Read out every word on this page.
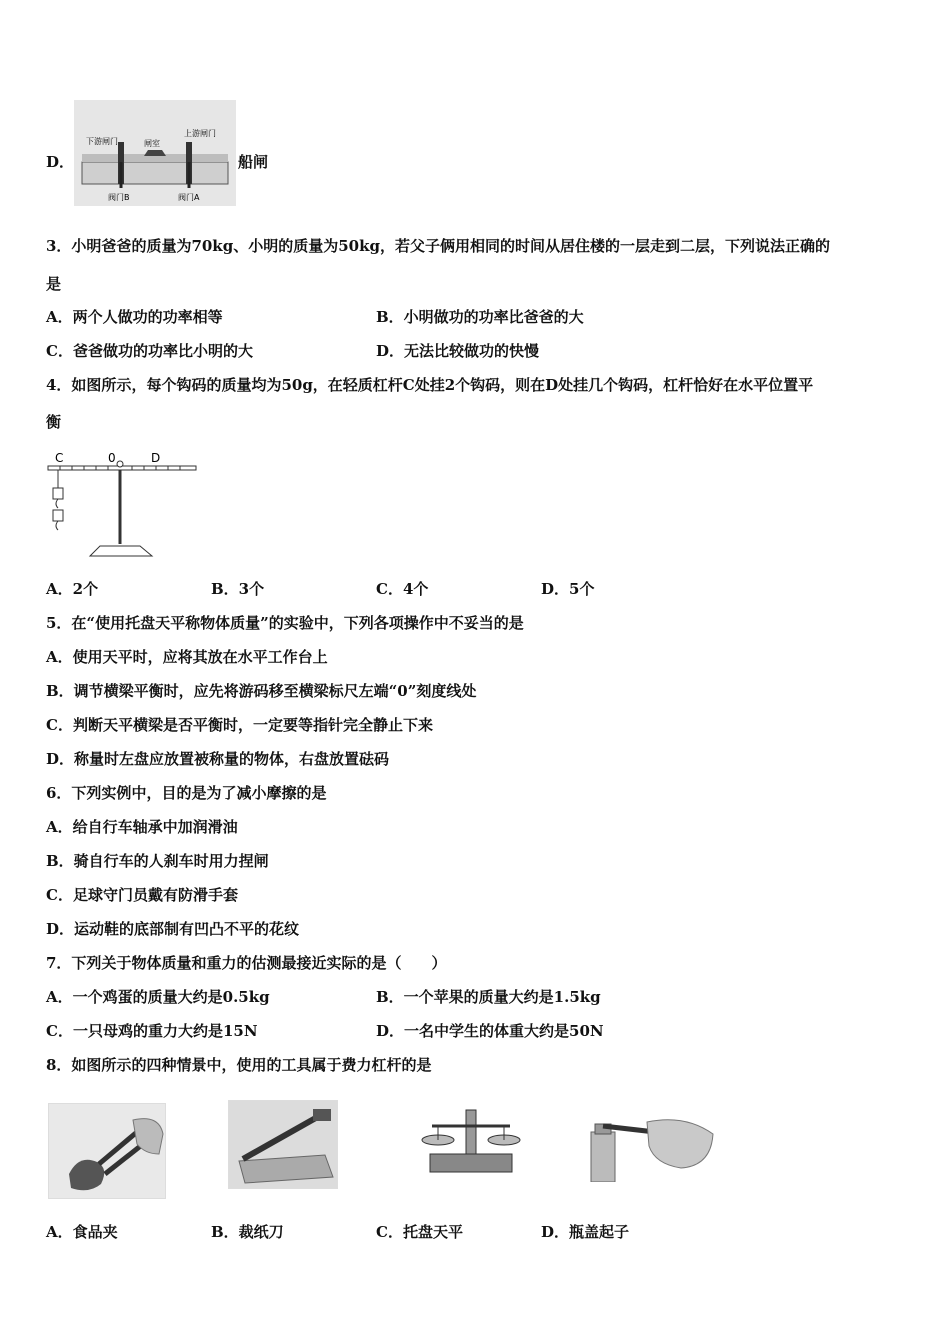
D．
下游闸门	闸室
上游闸门
阀门B	阀门A
船闸
3．小明爸爸的质量为70kg、小明的质量为50kg，若父子俩用相同的时间从居住楼的一层走到二层，下列说法正确的
是
A．两个人做功的功率相等	B．小明做功的功率比爸爸的大
C．爸爸做功的功率比小明的大	D．无法比较做功的快慢
4．如图所示，每个钩码的质量均为50g，在轻质杠杆C处挂2个钩码，则在D处挂几个钩码，杠杆恰好在水平位置平
衡
C	0	D
A．2个	B．3个	C．4个	D．5个
5．在“使用托盘天平称物体质量”的实验中，下列各项操作中不妥当的是
A．使用天平时，应将其放在水平工作台上
B．调节横梁平衡时，应先将游码移至横梁标尺左端“0”刻度线处
C．判断天平横梁是否平衡时，一定要等指针完全静止下来
D．称量时左盘应放置被称量的物体，右盘放置砝码
6．下列实例中，目的是为了减小摩擦的是
A．给自行车轴承中加润滑油
B．骑自行车的人刹车时用力捏闸
C．足球守门员戴有防滑手套
D．运动鞋的底部制有凹凸不平的花纹
7．下列关于物体质量和重力的估测最接近实际的是（　　）
A．一个鸡蛋的质量大约是0.5kg	B．一个苹果的质量大约是1.5kg
C．一只母鸡的重力大约是15N	D．一名中学生的体重大约是50N
8．如图所示的四种情景中，使用的工具属于费力杠杆的是
A．食品夹	B．裁纸刀	C．托盘天平	D．瓶盖起子
